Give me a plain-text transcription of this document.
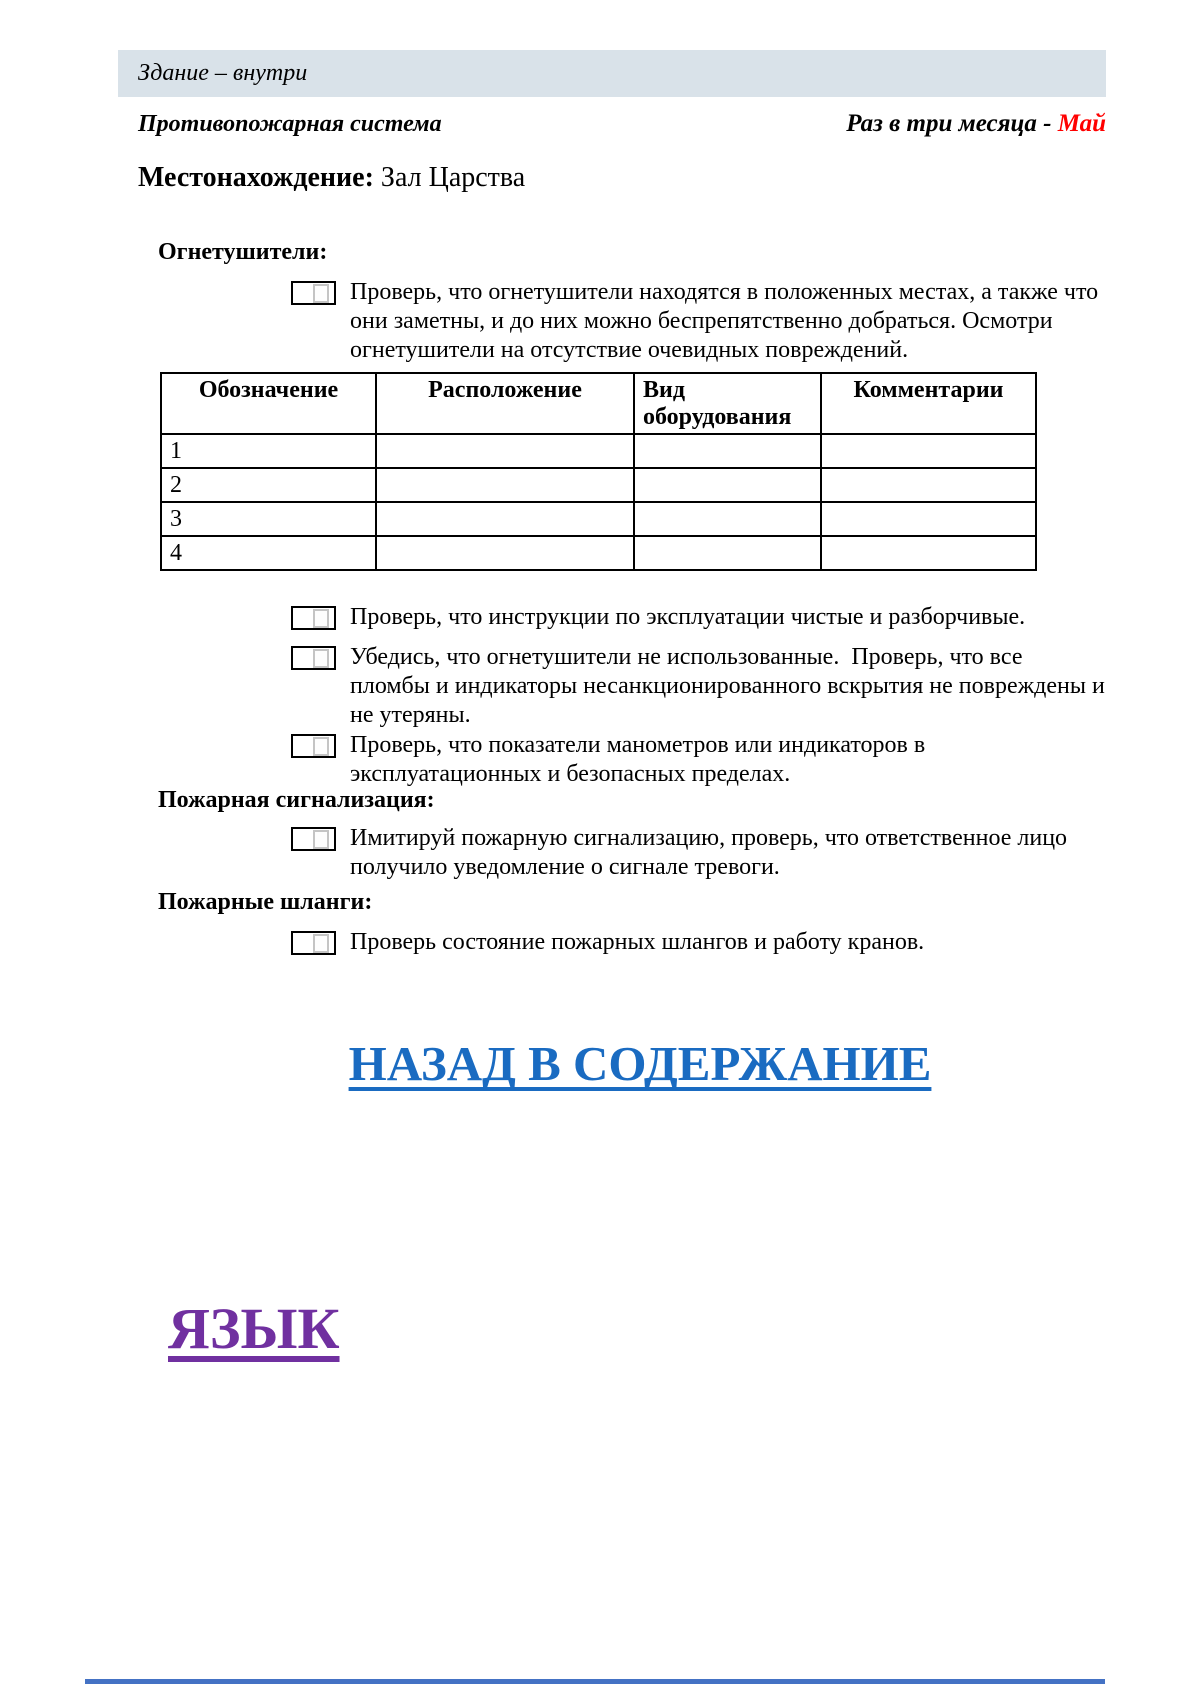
Здание – внутри
Противопожарная система	Раз в три месяца - Май
Местонахождение: Зал Царства
Огнетушители:
Проверь, что огнетушители находятся в положенных местах, а также что
они заметны, и до них можно беспрепятственно добраться. Осмотри
огнетушители на отсутствие очевидных повреждений.
Обозначение	Расположение	Вид оборудования	Комментарии
1			
2			
3			
4			
Проверь, что инструкции по эксплуатации чистые и разборчивые.
Убедись, что огнетушители не использованные.  Проверь, что все
пломбы и индикаторы несанкционированного вскрытия не повреждены и
не утеряны.
Проверь, что показатели манометров или индикаторов в
эксплуатационных и безопасных пределах.
Пожарная сигнализация:
Имитируй пожарную сигнализацию, проверь, что ответственное лицо
получило уведомление о сигнале тревоги.
Пожарные шланги:
Проверь состояние пожарных шлангов и работу кранов.
НАЗАД В СОДЕРЖАНИЕ
ЯЗЫК
